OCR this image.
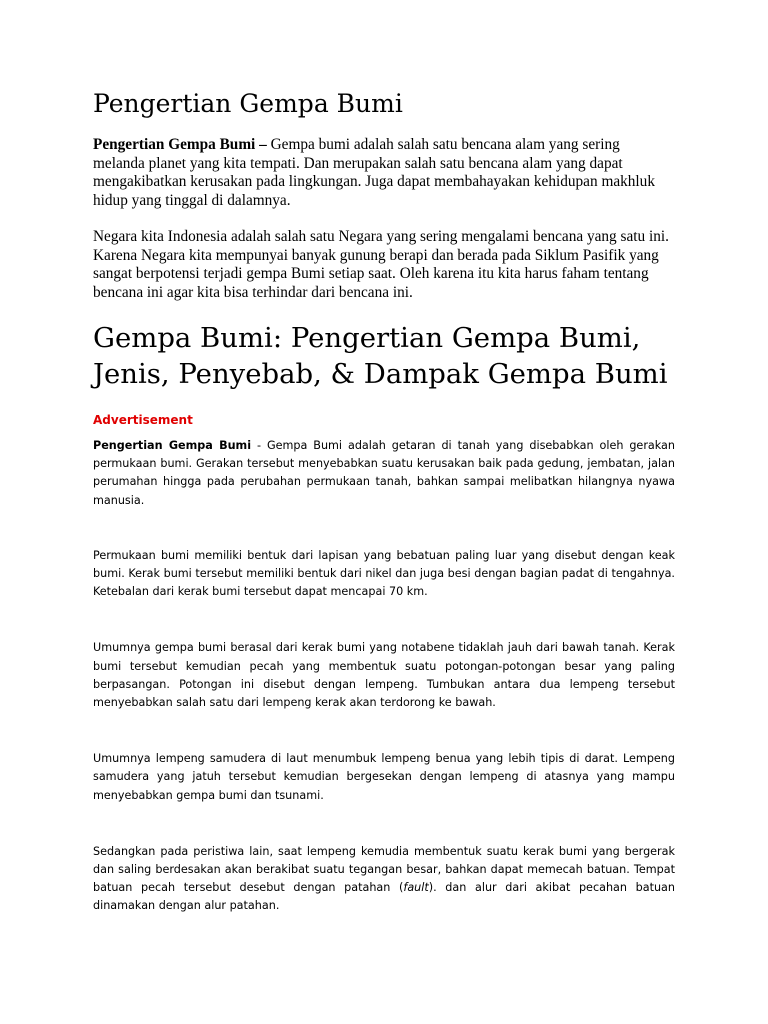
Pengertian Gempa Bumi

Pengertian Gempa Bumi – Gempa bumi adalah salah satu bencana alam yang sering melanda planet yang kita tempati. Dan merupakan salah satu bencana alam yang dapat mengakibatkan kerusakan pada lingkungan. Juga dapat membahayakan kehidupan makhluk hidup yang tinggal di dalamnya.

Negara kita Indonesia adalah salah satu Negara yang sering mengalami bencana yang satu ini. Karena Negara kita mempunyai banyak gunung berapi dan berada pada Siklum Pasifik yang sangat berpotensi terjadi gempa Bumi setiap saat. Oleh karena itu kita harus faham tentang bencana ini agar kita bisa terhindar dari bencana ini.

Gempa Bumi: Pengertian Gempa Bumi, Jenis, Penyebab, & Dampak Gempa Bumi
Advertisement

Pengertian Gempa Bumi - Gempa Bumi adalah getaran di tanah yang disebabkan oleh gerakan permukaan bumi. Gerakan tersebut menyebabkan suatu kerusakan baik pada gedung, jembatan, jalan perumahan hingga pada perubahan permukaan tanah, bahkan sampai melibatkan hilangnya nyawa manusia.

Permukaan bumi memiliki bentuk dari lapisan yang bebatuan paling luar yang disebut dengan keak bumi. Kerak bumi tersebut memiliki bentuk dari nikel dan juga besi dengan bagian padat di tengahnya. Ketebalan dari kerak bumi tersebut dapat mencapai 70 km.

Umumnya gempa bumi berasal dari kerak bumi yang notabene tidaklah jauh dari bawah tanah. Kerak bumi tersebut kemudian pecah yang membentuk suatu potongan-potongan besar yang paling berpasangan. Potongan ini disebut dengan lempeng. Tumbukan antara dua lempeng tersebut menyebabkan salah satu dari lempeng kerak akan terdorong ke bawah.

Umumnya lempeng samudera di laut menumbuk lempeng benua yang lebih tipis di darat. Lempeng samudera yang jatuh tersebut kemudian bergesekan dengan lempeng di atasnya yang mampu menyebabkan gempa bumi dan tsunami.

Sedangkan pada peristiwa lain, saat lempeng kemudia membentuk suatu kerak bumi yang bergerak dan saling berdesakan akan berakibat suatu tegangan besar, bahkan dapat memecah batuan. Tempat batuan pecah tersebut desebut dengan patahan (fault). dan alur dari akibat pecahan batuan dinamakan dengan alur patahan.
